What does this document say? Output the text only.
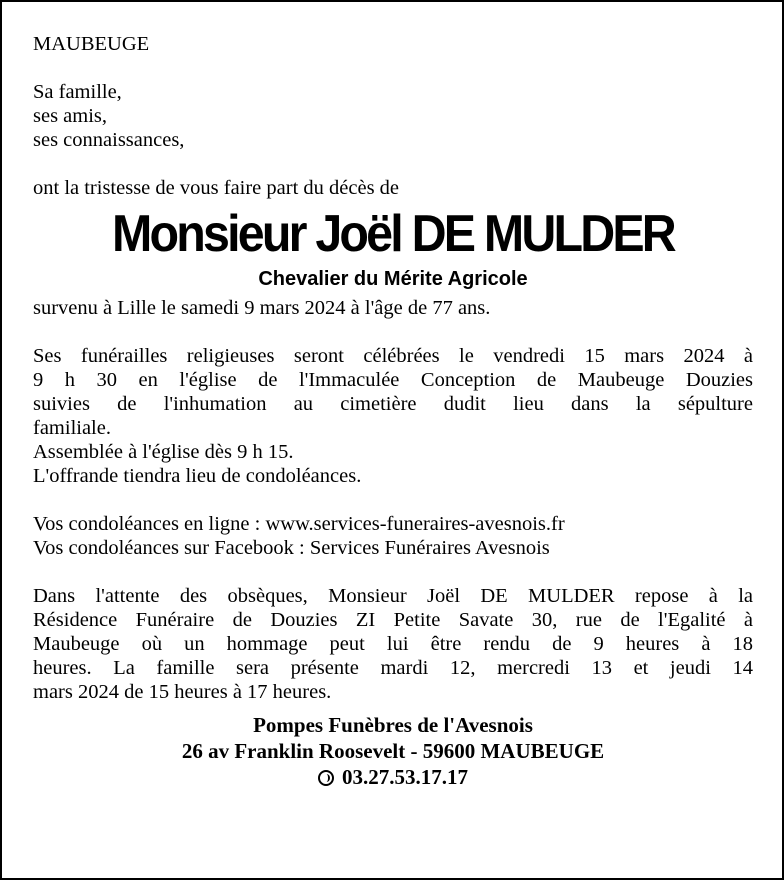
MAUBEUGE
Sa famille,
ses amis,
ses connaissances,
ont la tristesse de vous faire part du décès de
Monsieur Joël DE MULDER
Chevalier du Mérite Agricole
survenu à Lille le samedi 9 mars 2024 à l'âge de 77 ans.
Ses funérailles religieuses seront célébrées le vendredi 15 mars 2024 à
9 h 30 en l'église de l'Immaculée Conception de Maubeuge Douzies
suivies de l'inhumation au cimetière dudit lieu dans la sépulture
familiale.
Assemblée à l'église dès 9 h 15.
L'offrande tiendra lieu de condoléances.
Vos condoléances en ligne : www.services-funeraires-avesnois.fr
Vos condoléances sur Facebook : Services Funéraires Avesnois
Dans l'attente des obsèques, Monsieur Joël DE MULDER repose à la
Résidence Funéraire de Douzies ZI Petite Savate 30, rue de l'Egalité à
Maubeuge où un hommage peut lui être rendu de 9 heures à 18
heures. La famille sera présente mardi 12, mercredi 13 et jeudi 14
mars 2024 de 15 heures à 17 heures.
Pompes Funèbres de l'Avesnois
26 av Franklin Roosevelt - 59600 MAUBEUGE
03.27.53.17.17
